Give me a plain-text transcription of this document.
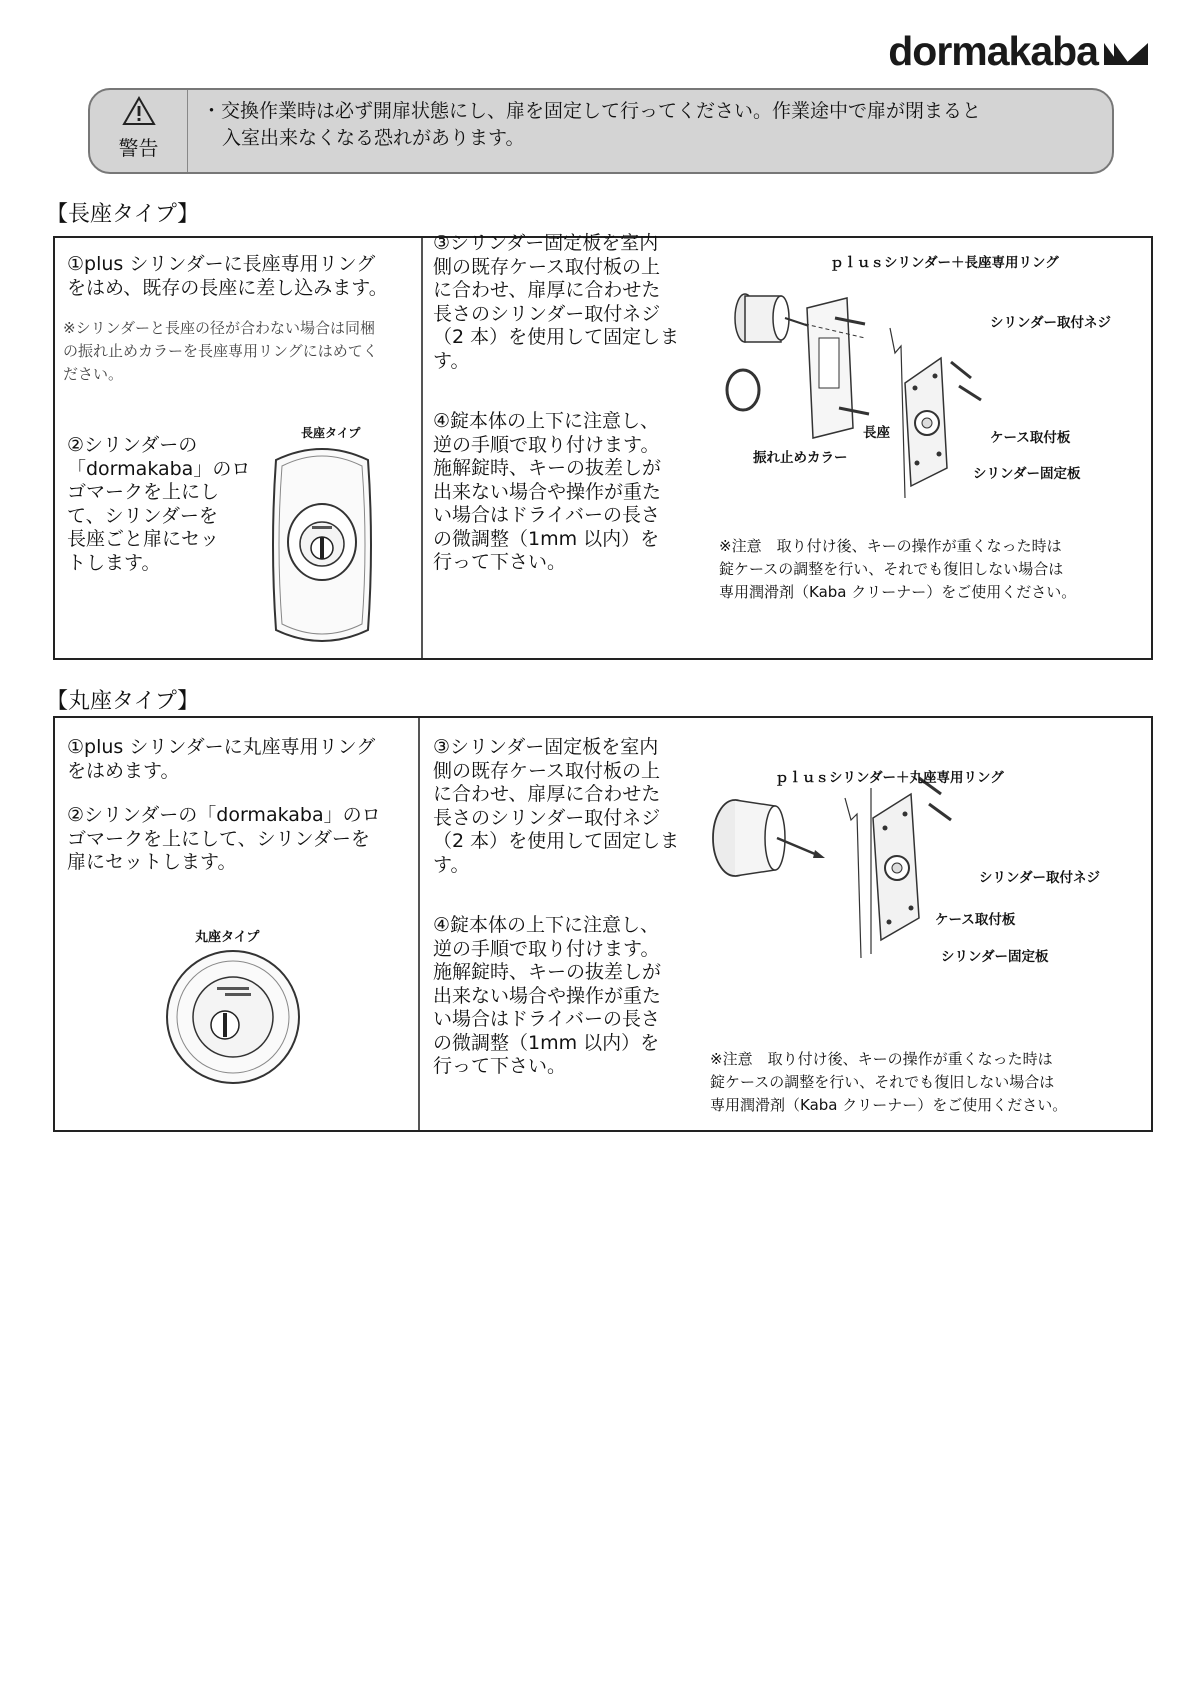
dormakaba
警告
・交換作業時は必ず開扉状態にし、扉を固定して行ってください。作業途中で扉が閉まると
入室出来なくなる恐れがあります。
【長座タイプ】
①plus シリンダーに長座専用リング
をはめ、既存の長座に差し込みます。
※シリンダーと長座の径が合わない場合は同梱
の振れ止めカラーを長座専用リングにはめてく
ださい。
②シリンダーの
「dormakaba」のロ
ゴマークを上にし
て、シリンダーを
長座ごと扉にセッ
トします。
長座タイプ
③シリンダー固定板を室内
側の既存ケース取付板の上
に合わせ、扉厚に合わせた
長さのシリンダー取付ネジ
（2 本）を使用して固定しま
す。
④錠本体の上下に注意し、
逆の手順で取り付けます。
施解錠時、キーの抜差しが
出来ない場合や操作が重た
い場合はドライバーの長さ
の微調整（1mm 以内）を
行って下さい。
ｐｌｕｓシリンダー＋長座専用リング
シリンダー取付ネジ
長座
振れ止めカラー
ケース取付板
シリンダー固定板
※注意　取り付け後、キーの操作が重くなった時は
錠ケースの調整を行い、それでも復旧しない場合は
専用潤滑剤（Kaba クリーナー）をご使用ください。
【丸座タイプ】
①plus シリンダーに丸座専用リング
をはめます。
②シリンダーの「dormakaba」のロ
ゴマークを上にして、シリンダーを
扉にセットします。
丸座タイプ
③シリンダー固定板を室内
側の既存ケース取付板の上
に合わせ、扉厚に合わせた
長さのシリンダー取付ネジ
（2 本）を使用して固定しま
す。
④錠本体の上下に注意し、
逆の手順で取り付けます。
施解錠時、キーの抜差しが
出来ない場合や操作が重た
い場合はドライバーの長さ
の微調整（1mm 以内）を
行って下さい。
ｐｌｕｓシリンダー＋丸座専用リング
シリンダー取付ネジ
ケース取付板
シリンダー固定板
※注意　取り付け後、キーの操作が重くなった時は
錠ケースの調整を行い、それでも復旧しない場合は
専用潤滑剤（Kaba クリーナー）をご使用ください。
